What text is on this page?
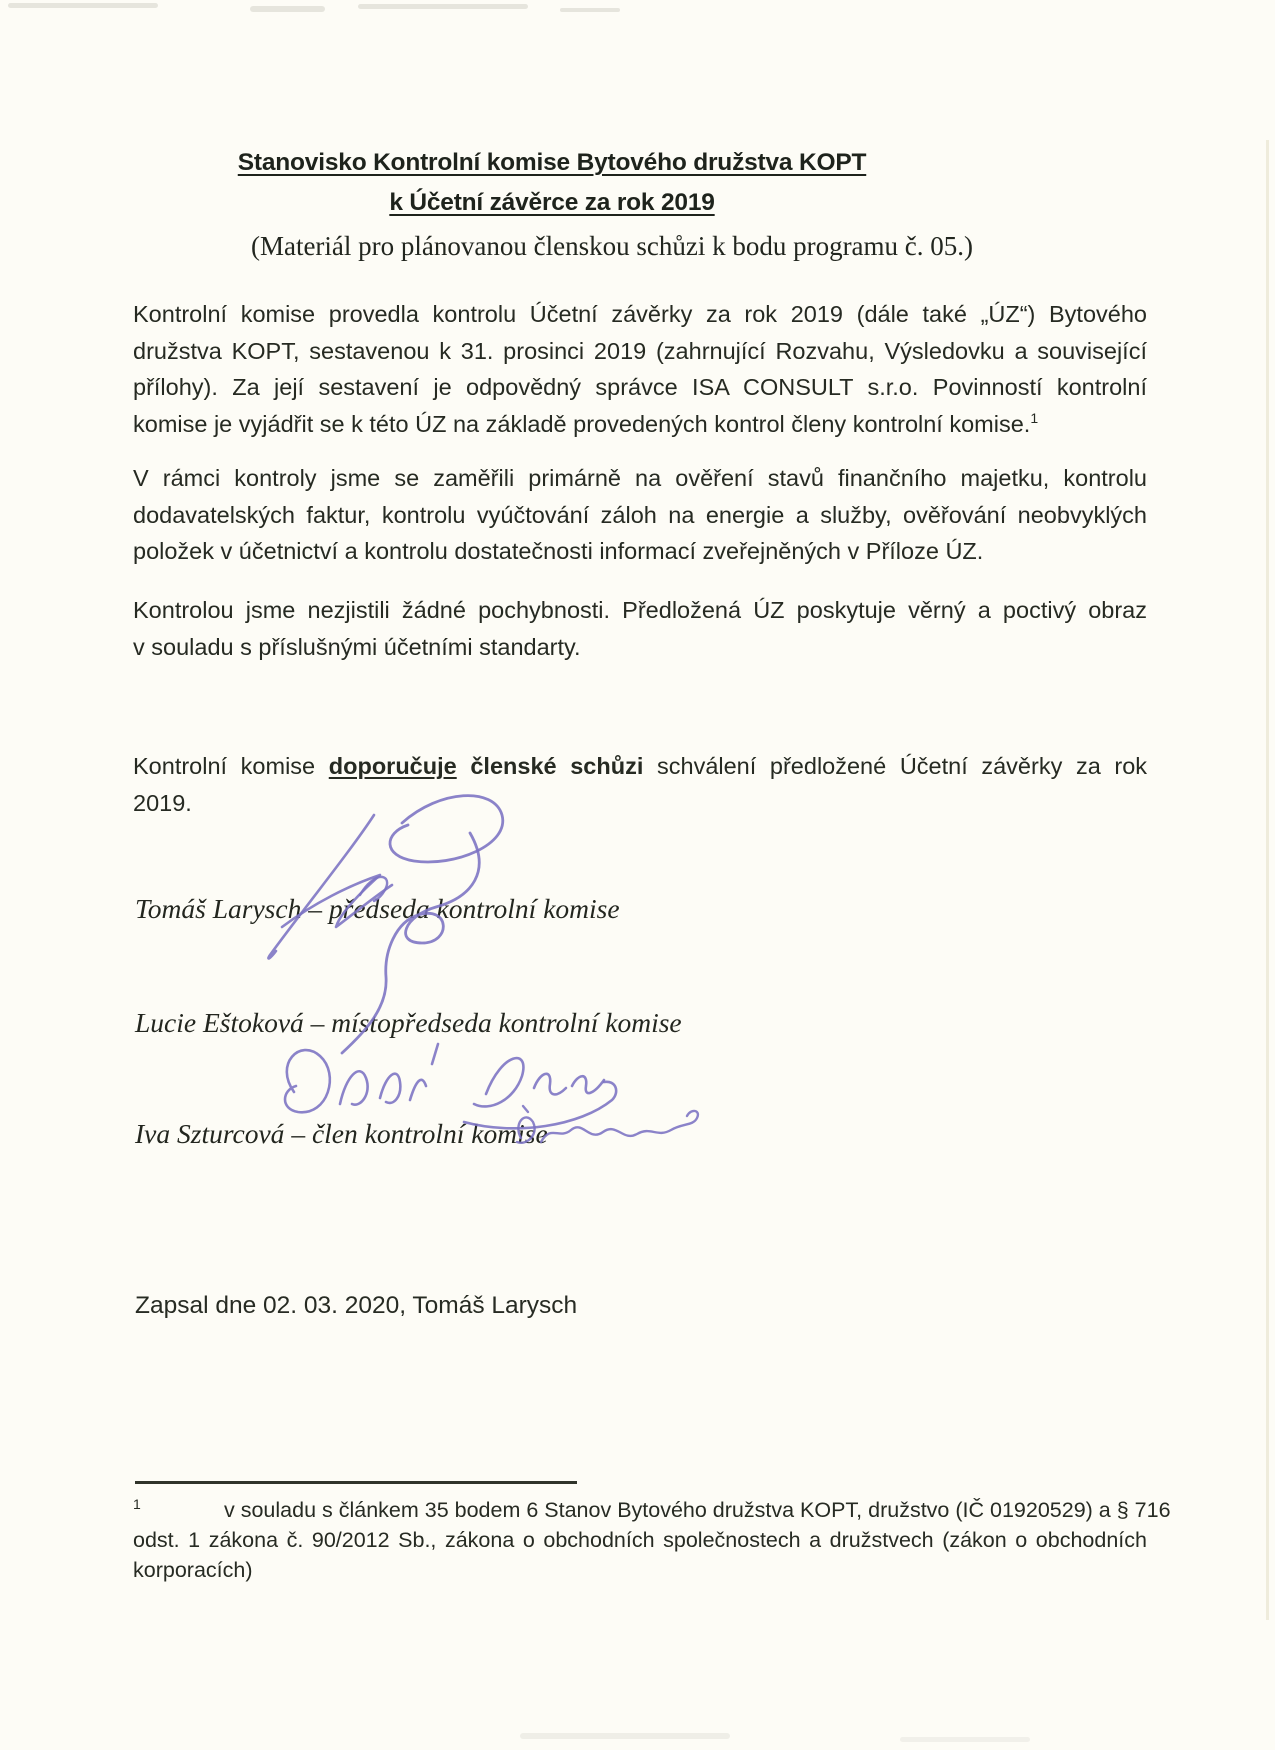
Stanovisko Kontrolní komise Bytového družstva KOPT
k Účetní závěrce za rok 2019
(Materiál pro plánovanou členskou schůzi k bodu programu č. 05.)
Kontrolní komise provedla kontrolu Účetní závěrky za rok 2019 (dále také „ÚZ“) Bytového
družstva KOPT, sestavenou k 31. prosinci 2019 (zahrnující Rozvahu, Výsledovku a související
přílohy). Za její sestavení je odpovědný správce ISA CONSULT s.r.o. Povinností kontrolní
komise je vyjádřit se k této ÚZ na základě provedených kontrol členy kontrolní komise.$^1$
V rámci kontroly jsme se zaměřili primárně na ověření stavů finančního majetku, kontrolu
dodavatelských faktur, kontrolu vyúčtování záloh na energie a služby, ověřování neobvyklých
položek v účetnictví a kontrolu dostatečnosti informací zveřejněných v Příloze ÚZ.
Kontrolou jsme nezjistili žádné pochybnosti. Předložená ÚZ poskytuje věrný a poctivý obraz
v souladu s příslušnými účetními standarty.
Kontrolní komise doporučuje členské schůzi schválení předložené Účetní závěrky za rok
2019.
Tomáš Larysch – předseda kontrolní komise
Lucie Eštoková – místopředseda kontrolní komise
Iva Szturcová – člen kontrolní komise
Zapsal dne 02. 03. 2020, Tomáš Larysch
$^1$	v souladu s článkem 35 bodem 6 Stanov Bytového družstva KOPT, družstvo (IČ 01920529) a § 716
odst. 1 zákona č. 90/2012 Sb., zákona o obchodních společnostech a družstvech (zákon o obchodních
korporacích)
